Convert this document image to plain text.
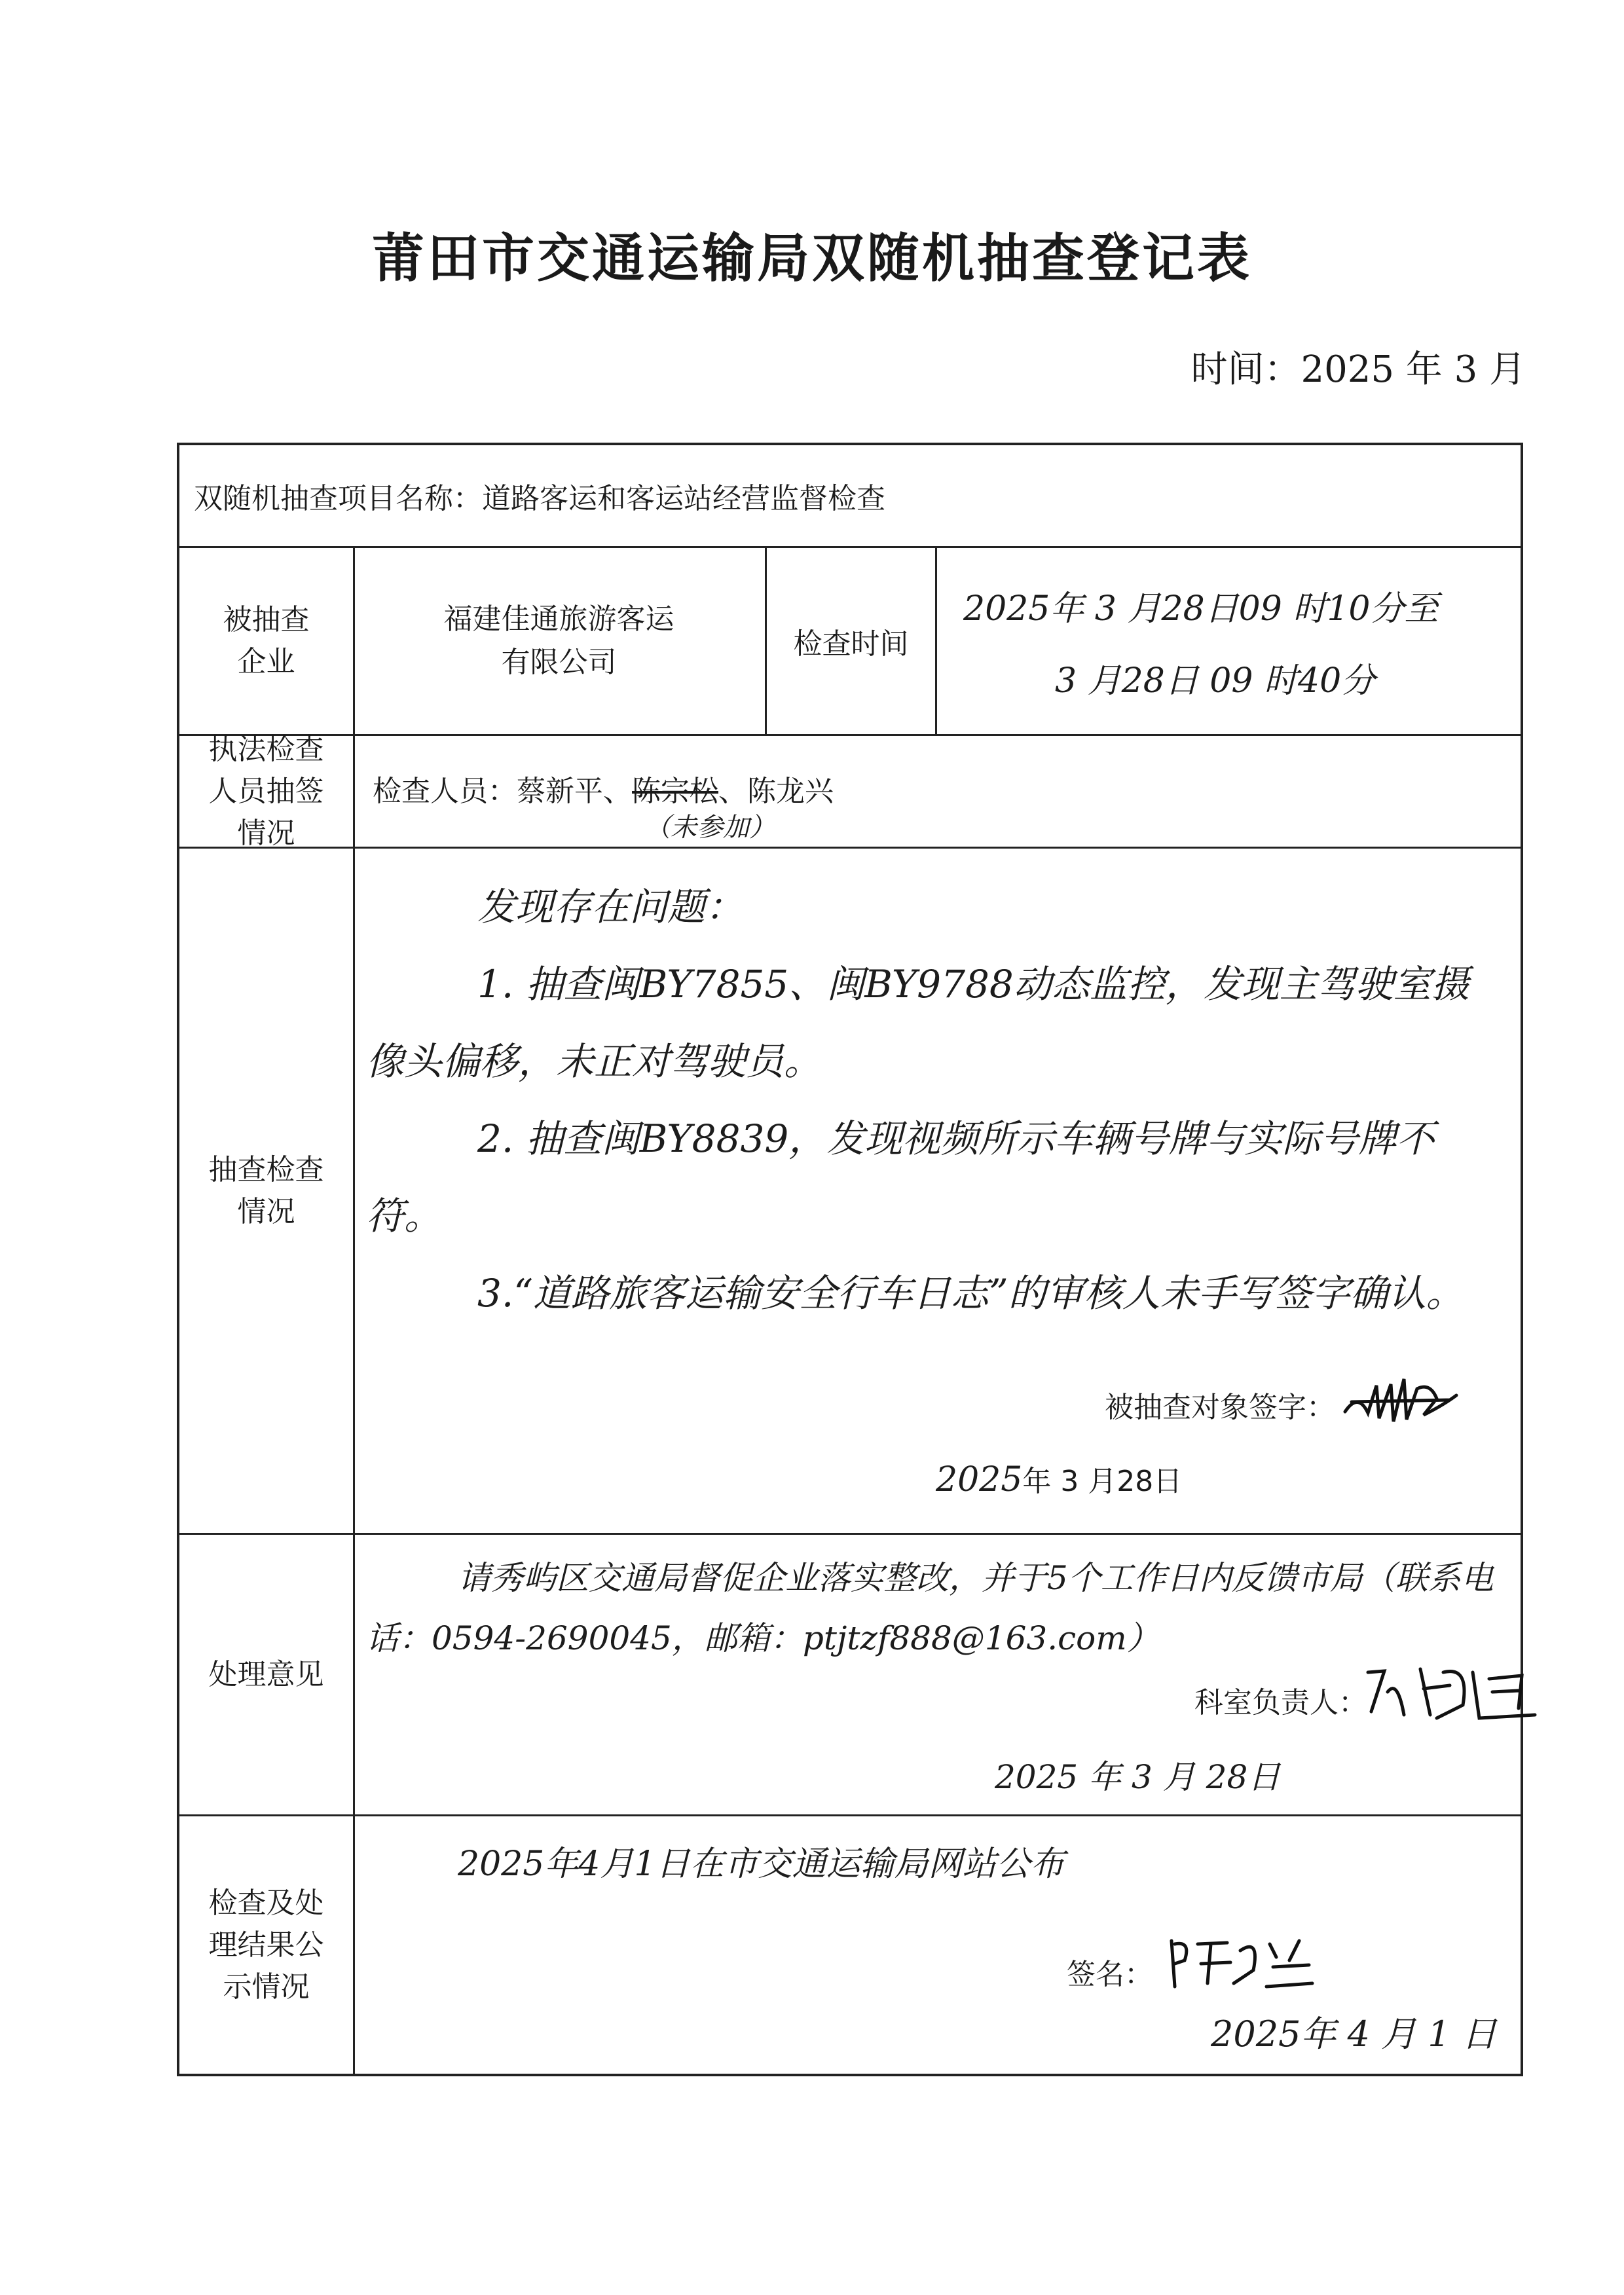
莆田市交通运输局双随机抽查登记表
时间：2025 年 3 月
双随机抽查项目名称： 道路客运和客运站经营监督检查
被抽查
企业
福建佳通旅游客运
有限公司
检查时间
2025年 3 月28日09 时10分至
3 月28日 09 时40分
执法检查
人员抽签
情况
检查人员：蔡新平、陈宗松、陈龙兴
（未参加）
抽查检查
情况
发现存在问题：
1. 抽查闽BY7855、闽BY9788动态监控，发现主驾驶室摄像头偏移，未正对驾驶员。
2. 抽查闽BY8839，发现视频所示车辆号牌与实际号牌不符。
3.“道路旅客运输安全行车日志”的审核人未手写签字确认。
被抽查对象签字：
2025年 3 月28日
处理意见
请秀屿区交通局督促企业落实整改，并于5个工作日内反馈市局（联系电话：0594-2690045，邮箱：ptjtzf888@163.com）
科室负责人：
2025 年 3 月 28日
检查及处
理结果公
示情况
2025年4月1日在市交通运输局网站公布
签名：
2025年 4 月 1 日
